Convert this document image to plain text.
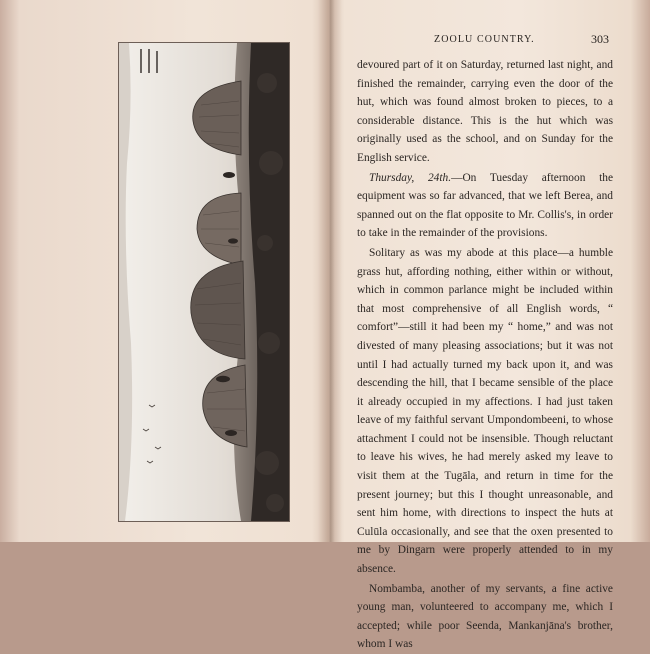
ZOOLU COUNTRY.	303

devoured part of it on Saturday, returned last night, and finished the remainder, carrying even the door of the hut, which was found almost broken to pieces, to a considerable distance. This is the hut which was originally used as the school, and on Sunday for the English service.

Thursday, 24th.—On Tuesday afternoon the equipment was so far advanced, that we left Berea, and spanned out on the flat opposite to Mr. Collis's, in order to take in the remainder of the provisions.

Solitary as was my abode at this place—a humble grass hut, affording nothing, either within or without, which in common parlance might be included within that most comprehensive of all English words, “ comfort”—still it had been my “ home,” and was not divested of many pleasing associations; but it was not until I had actually turned my back upon it, and was descending the hill, that I became sensible of the place it already occupied in my affections. I had just taken leave of my faithful servant Umpondombeeni, to whose attachment I could not be insensible. Though reluctant to leave his wives, he had merely asked my leave to visit them at the Tugāla, and return in time for the present journey; but this I thought unreasonable, and sent him home, with directions to inspect the huts at Culūla occasionally, and see that the oxen presented to me by Dingarn were properly attended to in my absence.

Nombamba, another of my servants, a fine active young man, volunteered to accompany me, which I accepted; while poor Seenda, Mankanjāna's brother, whom I was
